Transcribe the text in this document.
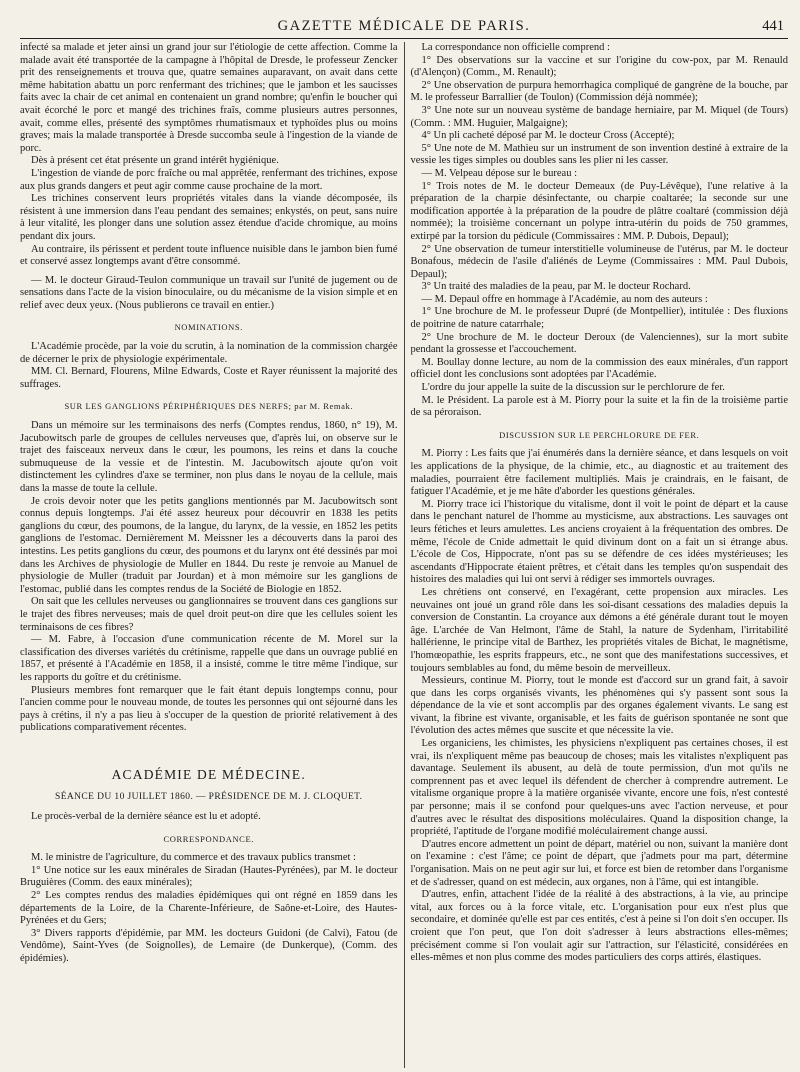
GAZETTE MÉDICALE DE PARIS.	441

infecté sa malade et jeter ainsi un grand jour sur l'étiologie de cette affection. Comme la malade avait été transportée de la campagne à l'hôpital de Dresde, le professeur Zencker prit des renseignements et trouva que, quatre semaines auparavant, on avait dans cette même habitation abattu un porc renfermant des trichines; que le jambon et les saucisses faits avec la chair de cet animal en contenaient un grand nombre; qu'enfin le boucher qui avait écorché le porc et mangé des trichines fraîs, comme plusieurs autres personnes, avait, comme elles, présenté des symptômes rhumatismaux et typhoïdes plus ou moins graves; mais la malade transportée à Dresde succomba seule à l'ingestion de la viande de porc.

Dès à présent cet état présente un grand intérêt hygiénique.

L'ingestion de viande de porc fraîche ou mal apprêtée, renfermant des trichines, expose aux plus grands dangers et peut agir comme cause prochaine de la mort.

Les trichines conservent leurs propriétés vitales dans la viande décomposée, ils résistent à une immersion dans l'eau pendant des semaines; enkystés, on peut, sans nuire à leur vitalité, les plonger dans une solution assez étendue d'acide chromique, au moins pendant dix jours.

Au contraire, ils périssent et perdent toute influence nuisible dans le jambon bien fumé et conservé assez longtemps avant d'être consommé.

— M. le docteur Giraud-Teulon communique un travail sur l'unité de jugement ou de sensations dans l'acte de la vision binoculaire, ou du mécanisme de la vision simple et en relief avec deux yeux. (Nous publierons ce travail en entier.)

NOMINATIONS.

L'Académie procède, par la voie du scrutin, à la nomination de la commission chargée de décerner le prix de physiologie expérimentale.

MM. Cl. Bernard, Flourens, Milne Edwards, Coste et Rayer réunissent la majorité des suffrages.

SUR LES GANGLIONS PÉRIPHÉRIQUES DES NERFS; par M. Remak.

Dans un mémoire sur les terminaisons des nerfs (Comptes rendus, 1860, n° 19), M. Jacubowitsch parle de groupes de cellules nerveuses que, d'après lui, on observe sur le trajet des faisceaux nerveux dans le cœur, les poumons, les reins et dans la couche submuqueuse de la vessie et de l'intestin. M. Jacubowitsch ajoute qu'on voit distinctement les cylindres d'axe se terminer, non plus dans le noyau de la cellule, mais dans la masse de toute la cellule.

Je crois devoir noter que les petits ganglions mentionnés par M. Jacubowitsch sont connus depuis longtemps. J'ai été assez heureux pour découvrir en 1838 les petits ganglions du cœur, des poumons, de la langue, du larynx, de la vessie, en 1852 les petits ganglions de l'estomac. Dernièrement M. Meissner les a découverts dans la paroi des intestins. Les petits ganglions du cœur, des poumons et du larynx ont été dessinés par moi dans les Archives de physiologie de Muller en 1844. Du reste je renvoie au Manuel de physiologie de Muller (traduit par Jourdan) et à mon mémoire sur les ganglions de l'estomac, publié dans les comptes rendus de la Société de Biologie en 1852.

On sait que les cellules nerveuses ou ganglionnaires se trouvent dans ces ganglions sur le trajet des fibres nerveuses; mais de quel droit peut-on dire que les cellules soient les terminaisons de ces fibres?

— M. Fabre, à l'occasion d'une communication récente de M. Morel sur la classification des diverses variétés du crétinisme, rappelle que dans un ouvrage publié en 1857, et présenté à l'Académie en 1858, il a insisté, comme le titre même l'indique, sur les rapports du goître et du crétinisme.

Plusieurs membres font remarquer que le fait étant depuis longtemps connu, pour l'ancien comme pour le nouveau monde, de toutes les personnes qui ont séjourné dans les pays à crétins, il n'y a pas lieu à s'occuper de la question de priorité relativement à des publications comparativement récentes.

ACADÉMIE DE MÉDECINE.
SÉANCE DU 10 JUILLET 1860. — PRÉSIDENCE DE M. J. CLOQUET.

Le procès-verbal de la dernière séance est lu et adopté.

CORRESPONDANCE.

M. le ministre de l'agriculture, du commerce et des travaux publics transmet :

1° Une notice sur les eaux minérales de Siradan (Hautes-Pyrénées), par M. le docteur Bruguières (Comm. des eaux minérales);

2° Les comptes rendus des maladies épidémiques qui ont régné en 1859 dans les départements de la Loire, de la Charente-Inférieure, de Saône-et-Loire, des Hautes-Pyrénées et du Gers;

3° Divers rapports d'épidémie, par MM. les docteurs Guidoni (de Calvi), Fatou (de Vendôme), Saint-Yves (de Soignolles), de Lemaire (de Dunkerque), (Comm. des épidémies).

La correspondance non officielle comprend :

1° Des observations sur la vaccine et sur l'origine du cow-pox, par M. Renauld (d'Alençon) (Comm., M. Renault);

2° Une observation de purpura hemorrhagica compliqué de gangrène de la bouche, par M. le professeur Barrallier (de Toulon) (Commission déjà nommée);

3° Une note sur un nouveau système de bandage herniaire, par M. Miquel (de Tours) (Comm. : MM. Huguier, Malgaigne);

4° Un pli cacheté déposé par M. le docteur Cross (Accepté);

5° Une note de M. Mathieu sur un instrument de son invention destiné à extraire de la vessie les tiges simples ou doubles sans les plier ni les casser.

— M. Velpeau dépose sur le bureau :

1° Trois notes de M. le docteur Demeaux (de Puy-Lévêque), l'une relative à la préparation de la charpie désinfectante, ou charpie coaltarée; la seconde sur une modification apportée à la préparation de la poudre de plâtre coaltaré (commission déjà nommée); la troisième concernant un polype intra-utérin du poids de 750 grammes, extirpé par la torsion du pédicule (Commissaires : MM. P. Dubois, Depaul);

2° Une observation de tumeur interstitielle volumineuse de l'utérus, par M. le docteur Bonafous, médecin de l'asile d'aliénés de Leyme (Commissaires : MM. Paul Dubois, Depaul);

3° Un traité des maladies de la peau, par M. le docteur Rochard.

— M. Depaul offre en hommage à l'Académie, au nom des auteurs :

1° Une brochure de M. le professeur Dupré (de Montpellier), intitulée : Des fluxions de poitrine de nature catarrhale;

2° Une brochure de M. le docteur Deroux (de Valenciennes), sur la mort subite pendant la grossesse et l'accouchement.

M. Boullay donne lecture, au nom de la commission des eaux minérales, d'un rapport officiel dont les conclusions sont adoptées par l'Académie.

L'ordre du jour appelle la suite de la discussion sur le perchlorure de fer.

M. le Président. La parole est à M. Piorry pour la suite et la fin de la troisième partie de sa péroraison.

DISCUSSION SUR LE PERCHLORURE DE FER.

M. Piorry : Les faits que j'ai énumérés dans la dernière séance, et dans lesquels on voit les applications de la physique, de la chimie, etc., au diagnostic et au traitement des maladies, pourraient être facilement multipliés. Mais je craindrais, en le faisant, de fatiguer l'Académie, et je me hâte d'aborder les questions générales.

M. Piorry trace ici l'historique du vitalisme, dont il voit le point de départ et la cause dans le penchant naturel de l'homme au mysticisme, aux abstractions. Les sauvages ont leurs fétiches et leurs amulettes. Les anciens croyaient à la fréquentation des ombres. De même, l'école de Cnide admettait le quid divinum dont on a fait un si étrange abus. L'école de Cos, Hippocrate, n'ont pas su se défendre de ces idées mystérieuses; les ascendants d'Hippocrate étaient prêtres, et c'était dans les temples qu'on suspendait des histoires des maladies qui lui ont servi à rédiger ses immortels ouvrages.

Les chrétiens ont conservé, en l'exagérant, cette propension aux miracles. Les neuvaines ont joué un grand rôle dans les soi-disant cessations des maladies depuis la conversion de Constantin. La croyance aux démons a été générale durant tout le moyen âge. L'archée de Van Helmont, l'âme de Stahl, la nature de Sydenham, l'irritabilité hallérienne, le principe vital de Barthez, les propriétés vitales de Bichat, le magnétisme, l'homœopathie, les esprits frappeurs, etc., ne sont que des manifestations successives, et toujours semblables au fond, du même besoin de merveilleux.

Messieurs, continue M. Piorry, tout le monde est d'accord sur un grand fait, à savoir que dans les corps organisés vivants, les phénomènes qui s'y passent sont sous la dépendance de la vie et sont accomplis par des organes également vivants. Le sang est vivant, la fibrine est vivante, organisable, et les faits de guérison spontanée ne sont que l'évolution des actes mêmes que suscite et que nécessite la vie.

Les organiciens, les chimistes, les physiciens n'expliquent pas certaines choses, il est vrai, ils n'expliquent même pas beaucoup de choses; mais les vitalistes n'expliquent pas davantage. Seulement ils abusent, au delà de toute permission, d'un mot qu'ils ne comprennent pas et avec lequel ils défendent de chercher à comprendre autrement. Le vitalisme organique propre à la matière organisée vivante, encore une fois, n'est contesté par personne; mais il se confond pour quelques-uns avec l'action nerveuse, et pour d'autres avec le résultat des dispositions moléculaires. Quand la disposition change, la propriété, l'aptitude de l'organe modifié moléculairement change aussi.

D'autres encore admettent un point de départ, matériel ou non, suivant la manière dont on l'examine : c'est l'âme; ce point de départ, que j'admets pour ma part, détermine l'organisation. Mais on ne peut agir sur lui, et force est bien de retomber dans l'organisme et de s'adresser, quand on est médecin, aux organes, non à l'âme, qui est intangible.

D'autres, enfin, attachent l'idée de la réalité à des abstractions, à la vie, au principe vital, aux forces ou à la force vitale, etc. L'organisation pour eux n'est plus que secondaire, et dominée qu'elle est par ces entités, c'est à peine si l'on doit s'en occuper. Ils croient que l'on peut, que l'on doit s'adresser à leurs abstractions elles-mêmes; précisément comme si l'on voulait agir sur l'attraction, sur l'élasticité, considérées en elles-mêmes et non plus comme des modes particuliers des corps attirés, élastiques.
